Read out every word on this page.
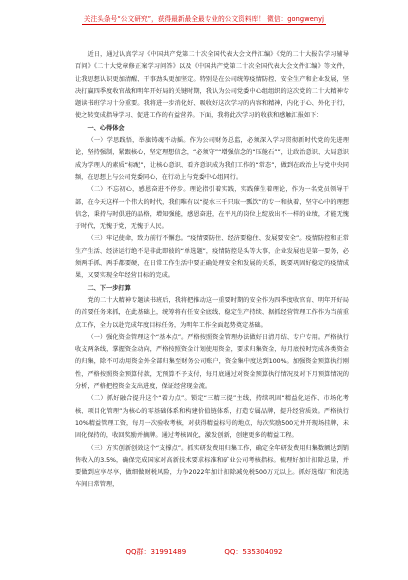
关注头条号“公文研究”，获得最新最全最专业的公文资料库！ 微信：gongwenyj

近日，通过认真学习《中国共产党第二十次全国代表大会文件汇编》《党的二十大报告学习辅导百问》《二十大党章修正案学习问答》以及《中国共产党第二十次全国代表大会文件汇编》等文件，让我思想认识更加清醒、干事劲头更加坚定。特别是在公司统筹疫情防控、安全生产和企业发展，坚决打赢四季度收官战和明年开好局的关键时期，我认为公司党委中心组组织的这次党的二十大精神专题读书班学习十分重要。我将进一步消化好、吸收好这次学习的内容和精神，内化于心、外化于行，使之转变成指导学习、促进工作的有益营养。下面，我将此次学习的收获和感触汇报如下：

一、心得体会

（一）学思践悟，举旗铸魂不动摇。作为公司财务总监，必须深入学习贯彻新时代党的先进理论，坚持强制，紧跟核心，坚定理想信念，“必须守”“增强信念的“压舱石””，让政治意识、大局意识成为学理人的素质“标配”，让核心意识、看齐意识成为我们工作的“常态”，做到在政治上与党中央同频，在思想上与公司党委同心，在行动上与党委中心组同行。

（二）不忘初心，感恩奋进不停步。理论指引着实践，实践催生着理论，作为一名党员领导干部，在今天这样一个伟大的时代，我们唯有以“提水三千只取一瓢饮”的专一和执着，坚守心中的理想信念，秉持与时俱进的品格，增知强能，感恩奋进，在平凡的岗位上绽放出不一样的业绩，才能无愧于时代，无愧于党，无愧于人民。

（三）牢记使命，致力前行不懈怠。“疫情要防住、经济要稳住、发展要安全”。疫情防控和正常生产生活、经济运行绝不是非此即彼的“单选题”，疫情防控是头等大事，企业发展也是第一要务，必须两手抓、两手都要硬，在日常工作生活中要正确处理安全和发展的关系，既要巩固好稳定的疫情成果，又要实现全年经营目标的完成。

二、下一步打算

党的二十大精神专题读书班后，我将把推动这一重要时期的安全作为四季度收官育、明年开好局的首要任务来抓，在此基础上，统筹将有任安全底线、稳定生产持续、据抓经营管理工作作为当前重点工作，全力以赴完成年度目标任务，为明年工作全面起势奠定基础。

（一）强化资金管理这个“基本点”。严格按照资金管理办法做好日清月结、专户专用。严格执行收支两条线，掌握资金动向，严格按照资金计划使用资金，要求归集资金，每月底按时完成各类资金的归集，除不可动用资金外全部归集至财务公司账户，资金集中度达到100%。加强资金预算执行刚性，严格按照资金预算付款，无预算不予支付，每月底通过对资金预算执行情况及对下月预算情况的分析，严格把控资金支出进度，保证经营现金流。

（二）抓好融合提升这个“着力点”。锁定“三精三提”主线，持续巩固“精益化运作、市场化考核、项目化管理”为核心的零基础体系和构建价值链体系，打造专属品牌，提升经营质效。严格执行10%精益管理工资，每月一次验收考核，对获得精益标号的地点，每次奖励500元并开现场挂牌，未固化保持的，收回奖励并摘牌。通过考核固化，激发创新，创建更多的精益工程。

（三）方实创新创效这个“支撑点”。抓实研发费用归集工作，确定全年研发费用归集数额达到销售收入的3.5%，确保完成国家对高新技术要求标准和矿业公司考核指标。梳理好加计扣除总量，并要做到应享尽享，做细做财税风险，力争2022年加计扣除减免税500万元以上。抓好选煤厂和洗选车间日常管理，

QQ群：31991489	QQ：535304092
